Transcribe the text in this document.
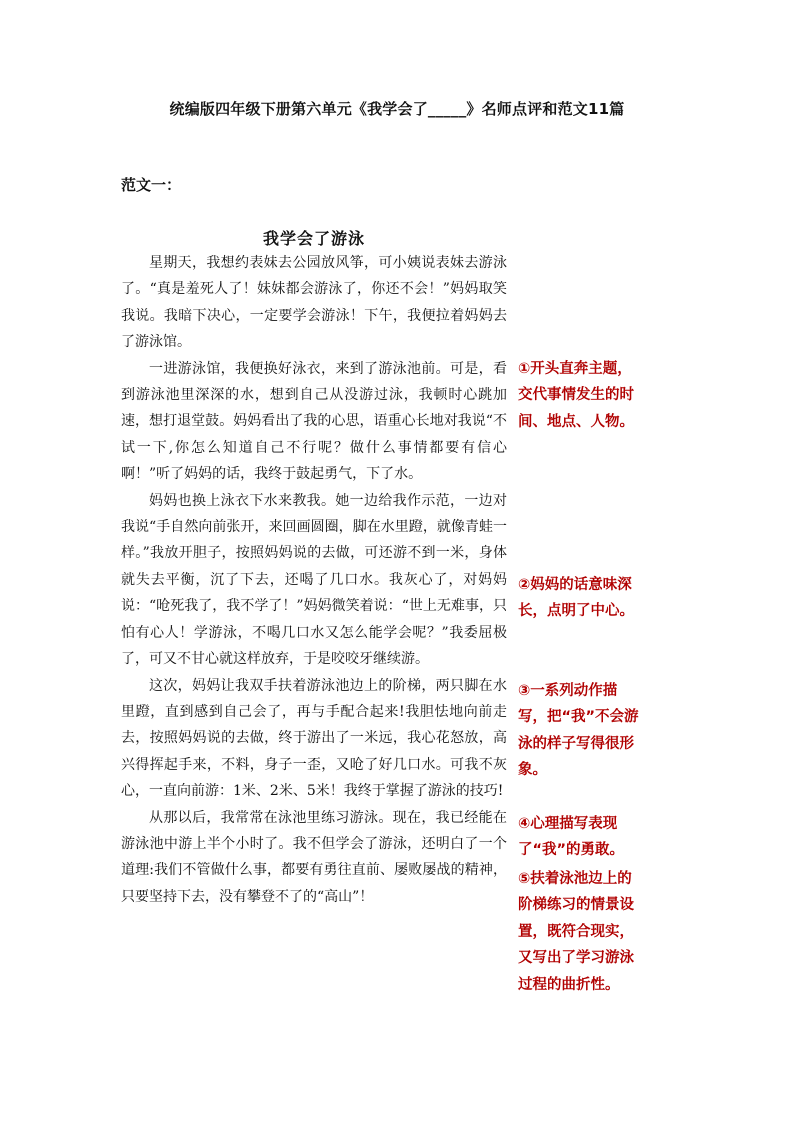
统编版四年级下册第六单元《我学会了_____》名师点评和范文11篇
范文一：
我学会了游泳

星期天，我想约表妹去公园放风筝，可小姨说表妹去游泳了。“真是羞死人了！妹妹都会游泳了，你还不会！”妈妈取笑我说。我暗下决心，一定要学会游泳！下午，我便拉着妈妈去了游泳馆。

一进游泳馆，我便换好泳衣，来到了游泳池前。可是，看到游泳池里深深的水，想到自己从没游过泳，我顿时心跳加速，想打退堂鼓。妈妈看出了我的心思，语重心长地对我说“不试一下,你怎么知道自己不行呢？做什么事情都要有信心啊！”听了妈妈的话，我终于鼓起勇气，下了水。

妈妈也换上泳衣下水来教我。她一边给我作示范，一边对我说“手自然向前张开，来回画圆圈，脚在水里蹬，就像青蛙一样。”我放开胆子，按照妈妈说的去做，可还游不到一米，身体就失去平衡，沉了下去，还喝了几口水。我灰心了，对妈妈说：“呛死我了，我不学了！”妈妈微笑着说：“世上无难事，只怕有心人！学游泳，不喝几口水又怎么能学会呢？”我委屈极了，可又不甘心就这样放弃，于是咬咬牙继续游。

这次，妈妈让我双手扶着游泳池边上的阶梯，两只脚在水里蹬，直到感到自己会了，再与手配合起来!我胆怯地向前走去，按照妈妈说的去做，终于游出了一米远，我心花怒放，高兴得挥起手来，不料，身子一歪，又呛了好几口水。可我不灰心，一直向前游：1米、2米、5米！我终于掌握了游泳的技巧!

从那以后，我常常在泳池里练习游泳。现在，我已经能在游泳池中游上半个小时了。我不但学会了游泳，还明白了一个道理:我们不管做什么事，都要有勇往直前、屡败屡战的精神，只要坚持下去，没有攀登不了的“高山”！

①开头直奔主题，交代事情发生的时间、地点、人物。
②妈妈的话意味深长，点明了中心。
③一系列动作描写，把“我”不会游泳的样子写得很形象。
④心理描写表现了“我”的勇敢。
⑤扶着泳池边上的阶梯练习的情景设置，既符合现实，又写出了学习游泳过程的曲折性。
